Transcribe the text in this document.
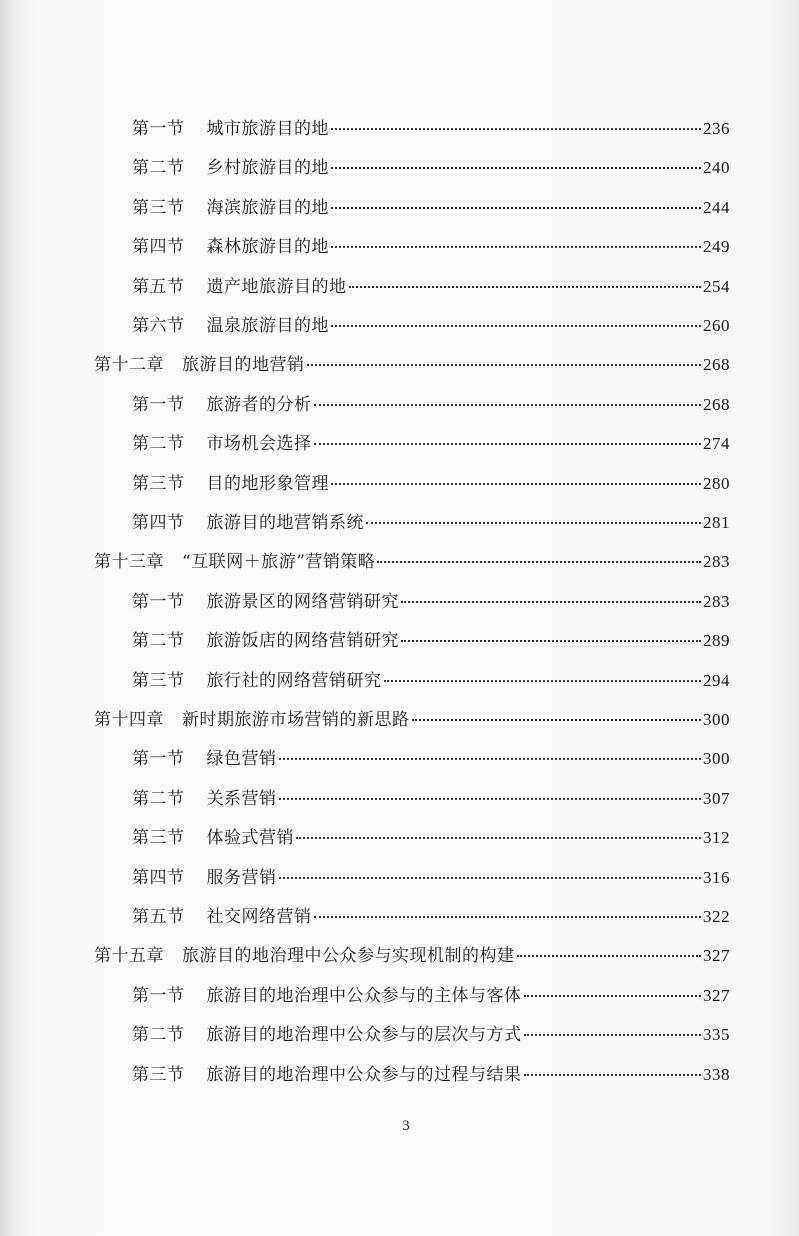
第一节 城市旅游目的地	236
第二节 乡村旅游目的地	240
第三节 海滨旅游目的地	244
第四节 森林旅游目的地	249
第五节 遗产地旅游目的地	254
第六节 温泉旅游目的地	260
第十二章 旅游目的地营销	268
第一节 旅游者的分析	268
第二节 市场机会选择	274
第三节 目的地形象管理	280
第四节 旅游目的地营销系统	281
第十三章 “互联网＋旅游”营销策略	283
第一节 旅游景区的网络营销研究	283
第二节 旅游饭店的网络营销研究	289
第三节 旅行社的网络营销研究	294
第十四章 新时期旅游市场营销的新思路	300
第一节 绿色营销	300
第二节 关系营销	307
第三节 体验式营销	312
第四节 服务营销	316
第五节 社交网络营销	322
第十五章 旅游目的地治理中公众参与实现机制的构建	327
第一节 旅游目的地治理中公众参与的主体与客体	327
第二节 旅游目的地治理中公众参与的层次与方式	335
第三节 旅游目的地治理中公众参与的过程与结果	338
3
